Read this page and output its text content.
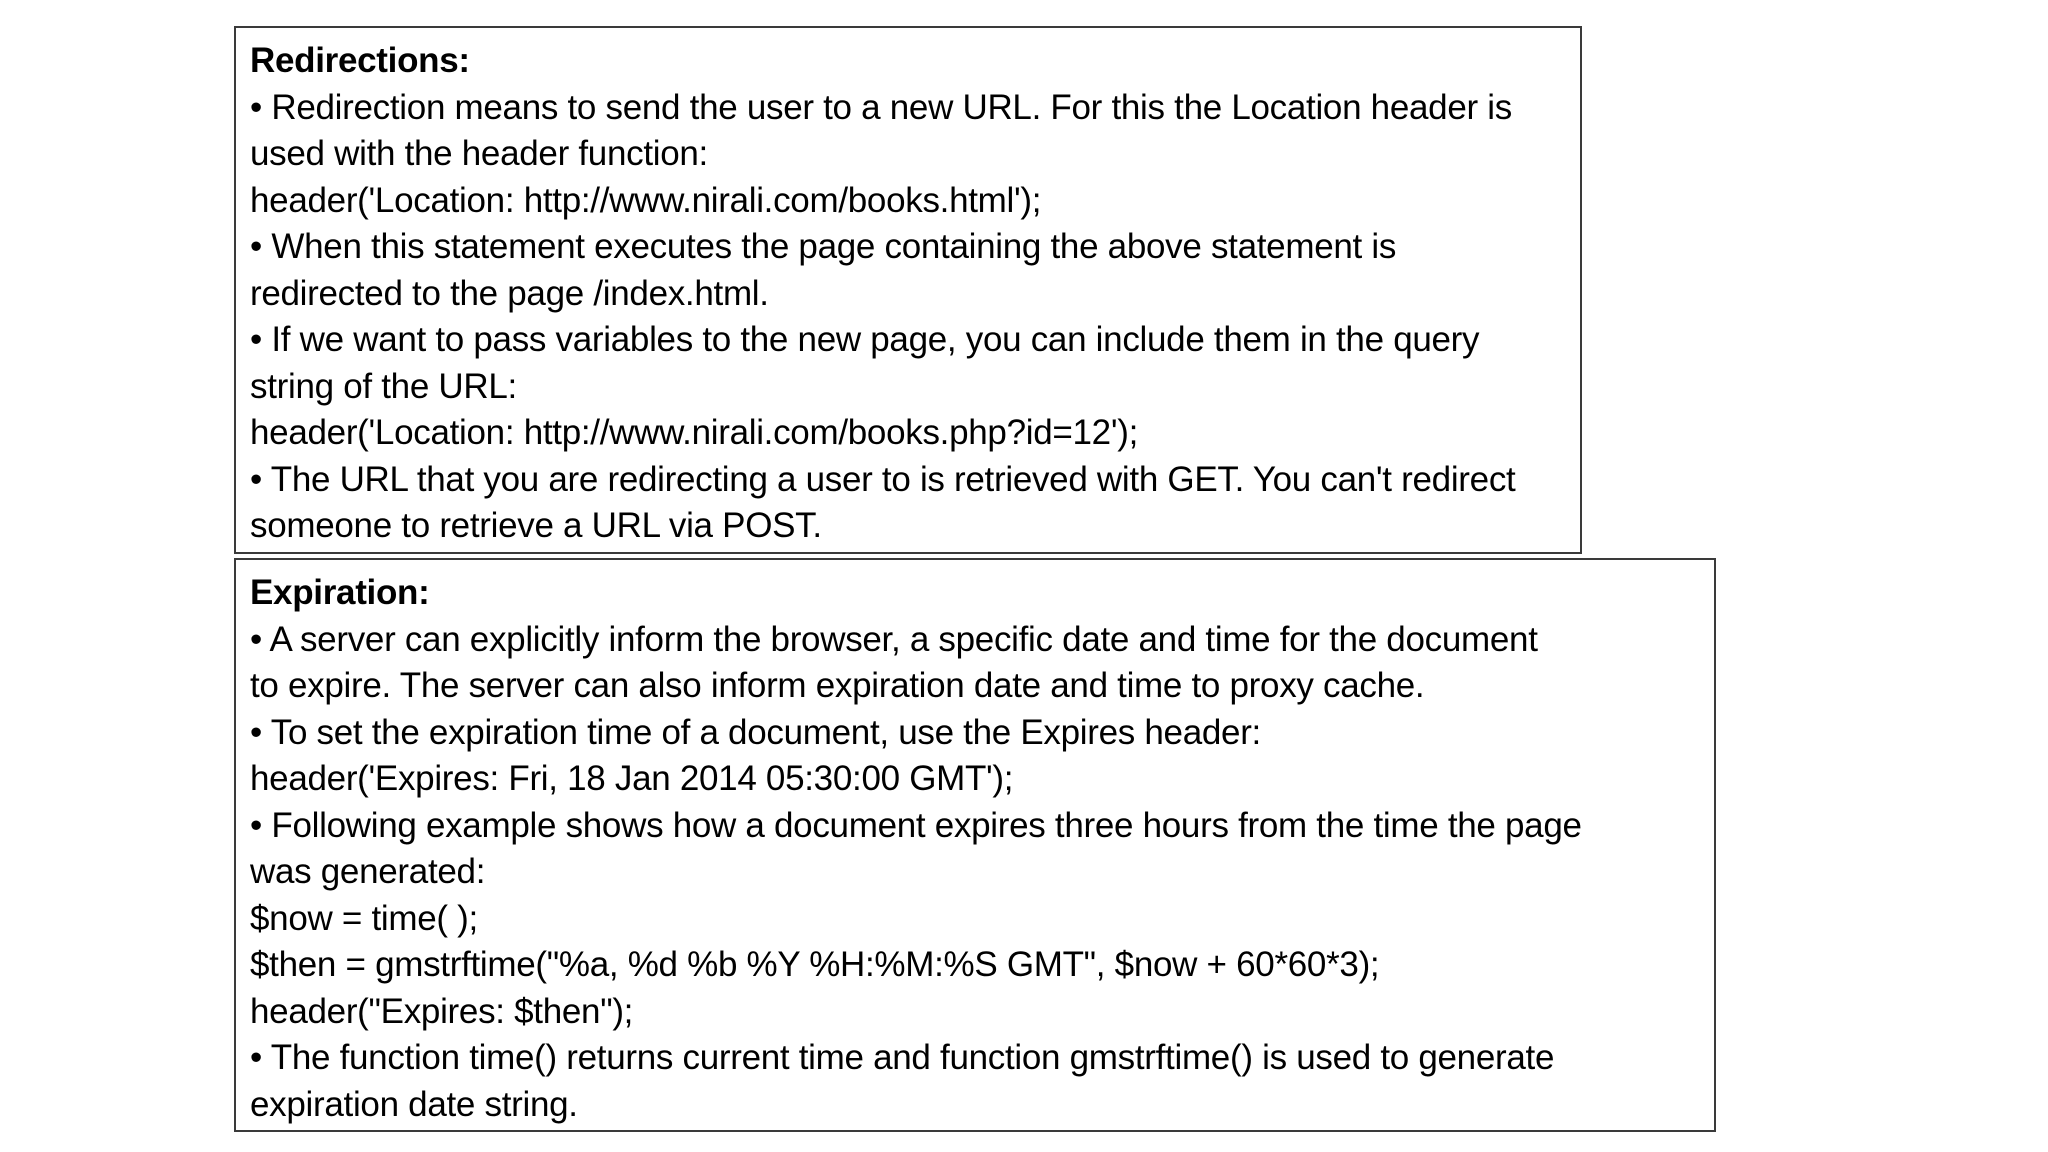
Redirections:
• Redirection means to send the user to a new URL. For this the Location header is
used with the header function:
header('Location: http://www.nirali.com/books.html');
• When this statement executes the page containing the above statement is
redirected to the page /index.html.
• If we want to pass variables to the new page, you can include them in the query
string of the URL:
header('Location: http://www.nirali.com/books.php?id=12');
• The URL that you are redirecting a user to is retrieved with GET. You can't redirect
someone to retrieve a URL via POST.
Expiration:
• A server can explicitly inform the browser, a specific date and time for the document
to expire. The server can also inform expiration date and time to proxy cache.
• To set the expiration time of a document, use the Expires header:
header('Expires: Fri, 18 Jan 2014 05:30:00 GMT');
• Following example shows how a document expires three hours from the time the page
was generated:
$now = time( );
$then = gmstrftime("%a, %d %b %Y %H:%M:%S GMT", $now + 60*60*3);
header("Expires: $then");
• The function time() returns current time and function gmstrftime() is used to generate
expiration date string.
